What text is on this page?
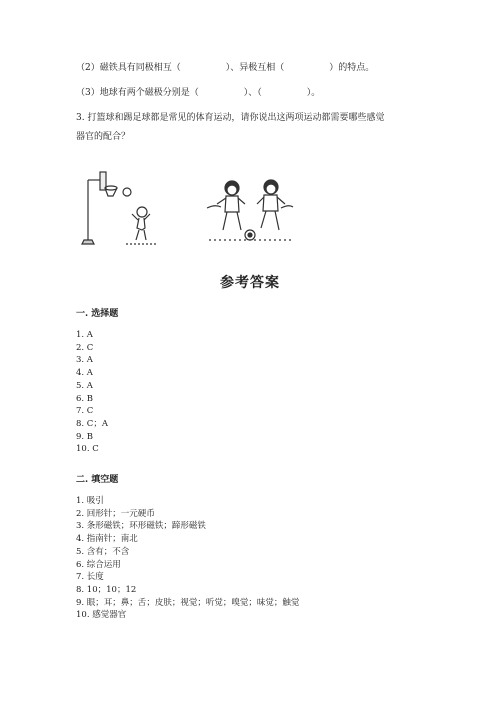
（2）磁铁具有同极相互（　　　　　）、异极互相（　　　　　）的特点。
（3）地球有两个磁极分别是（　　　　　）、（　　　　　）。
3. 打篮球和踢足球都是常见的体育运动，请你说出这两项运动都需要哪些感觉
器官的配合？
参考答案
一. 选择题
1. A
2. C
3. A
4. A
5. A
6. B
7. C
8. C；A
9. B
10. C
二. 填空题
1. 吸引
2. 回形针；一元硬币
3. 条形磁铁；环形磁铁；蹄形磁铁
4. 指南针；南北
5. 含有；不含
6. 综合运用
7. 长度
8. 10；10；12
9. 眼；耳；鼻；舌；皮肤；视觉；听觉；嗅觉；味觉；触觉
10. 感觉器官
